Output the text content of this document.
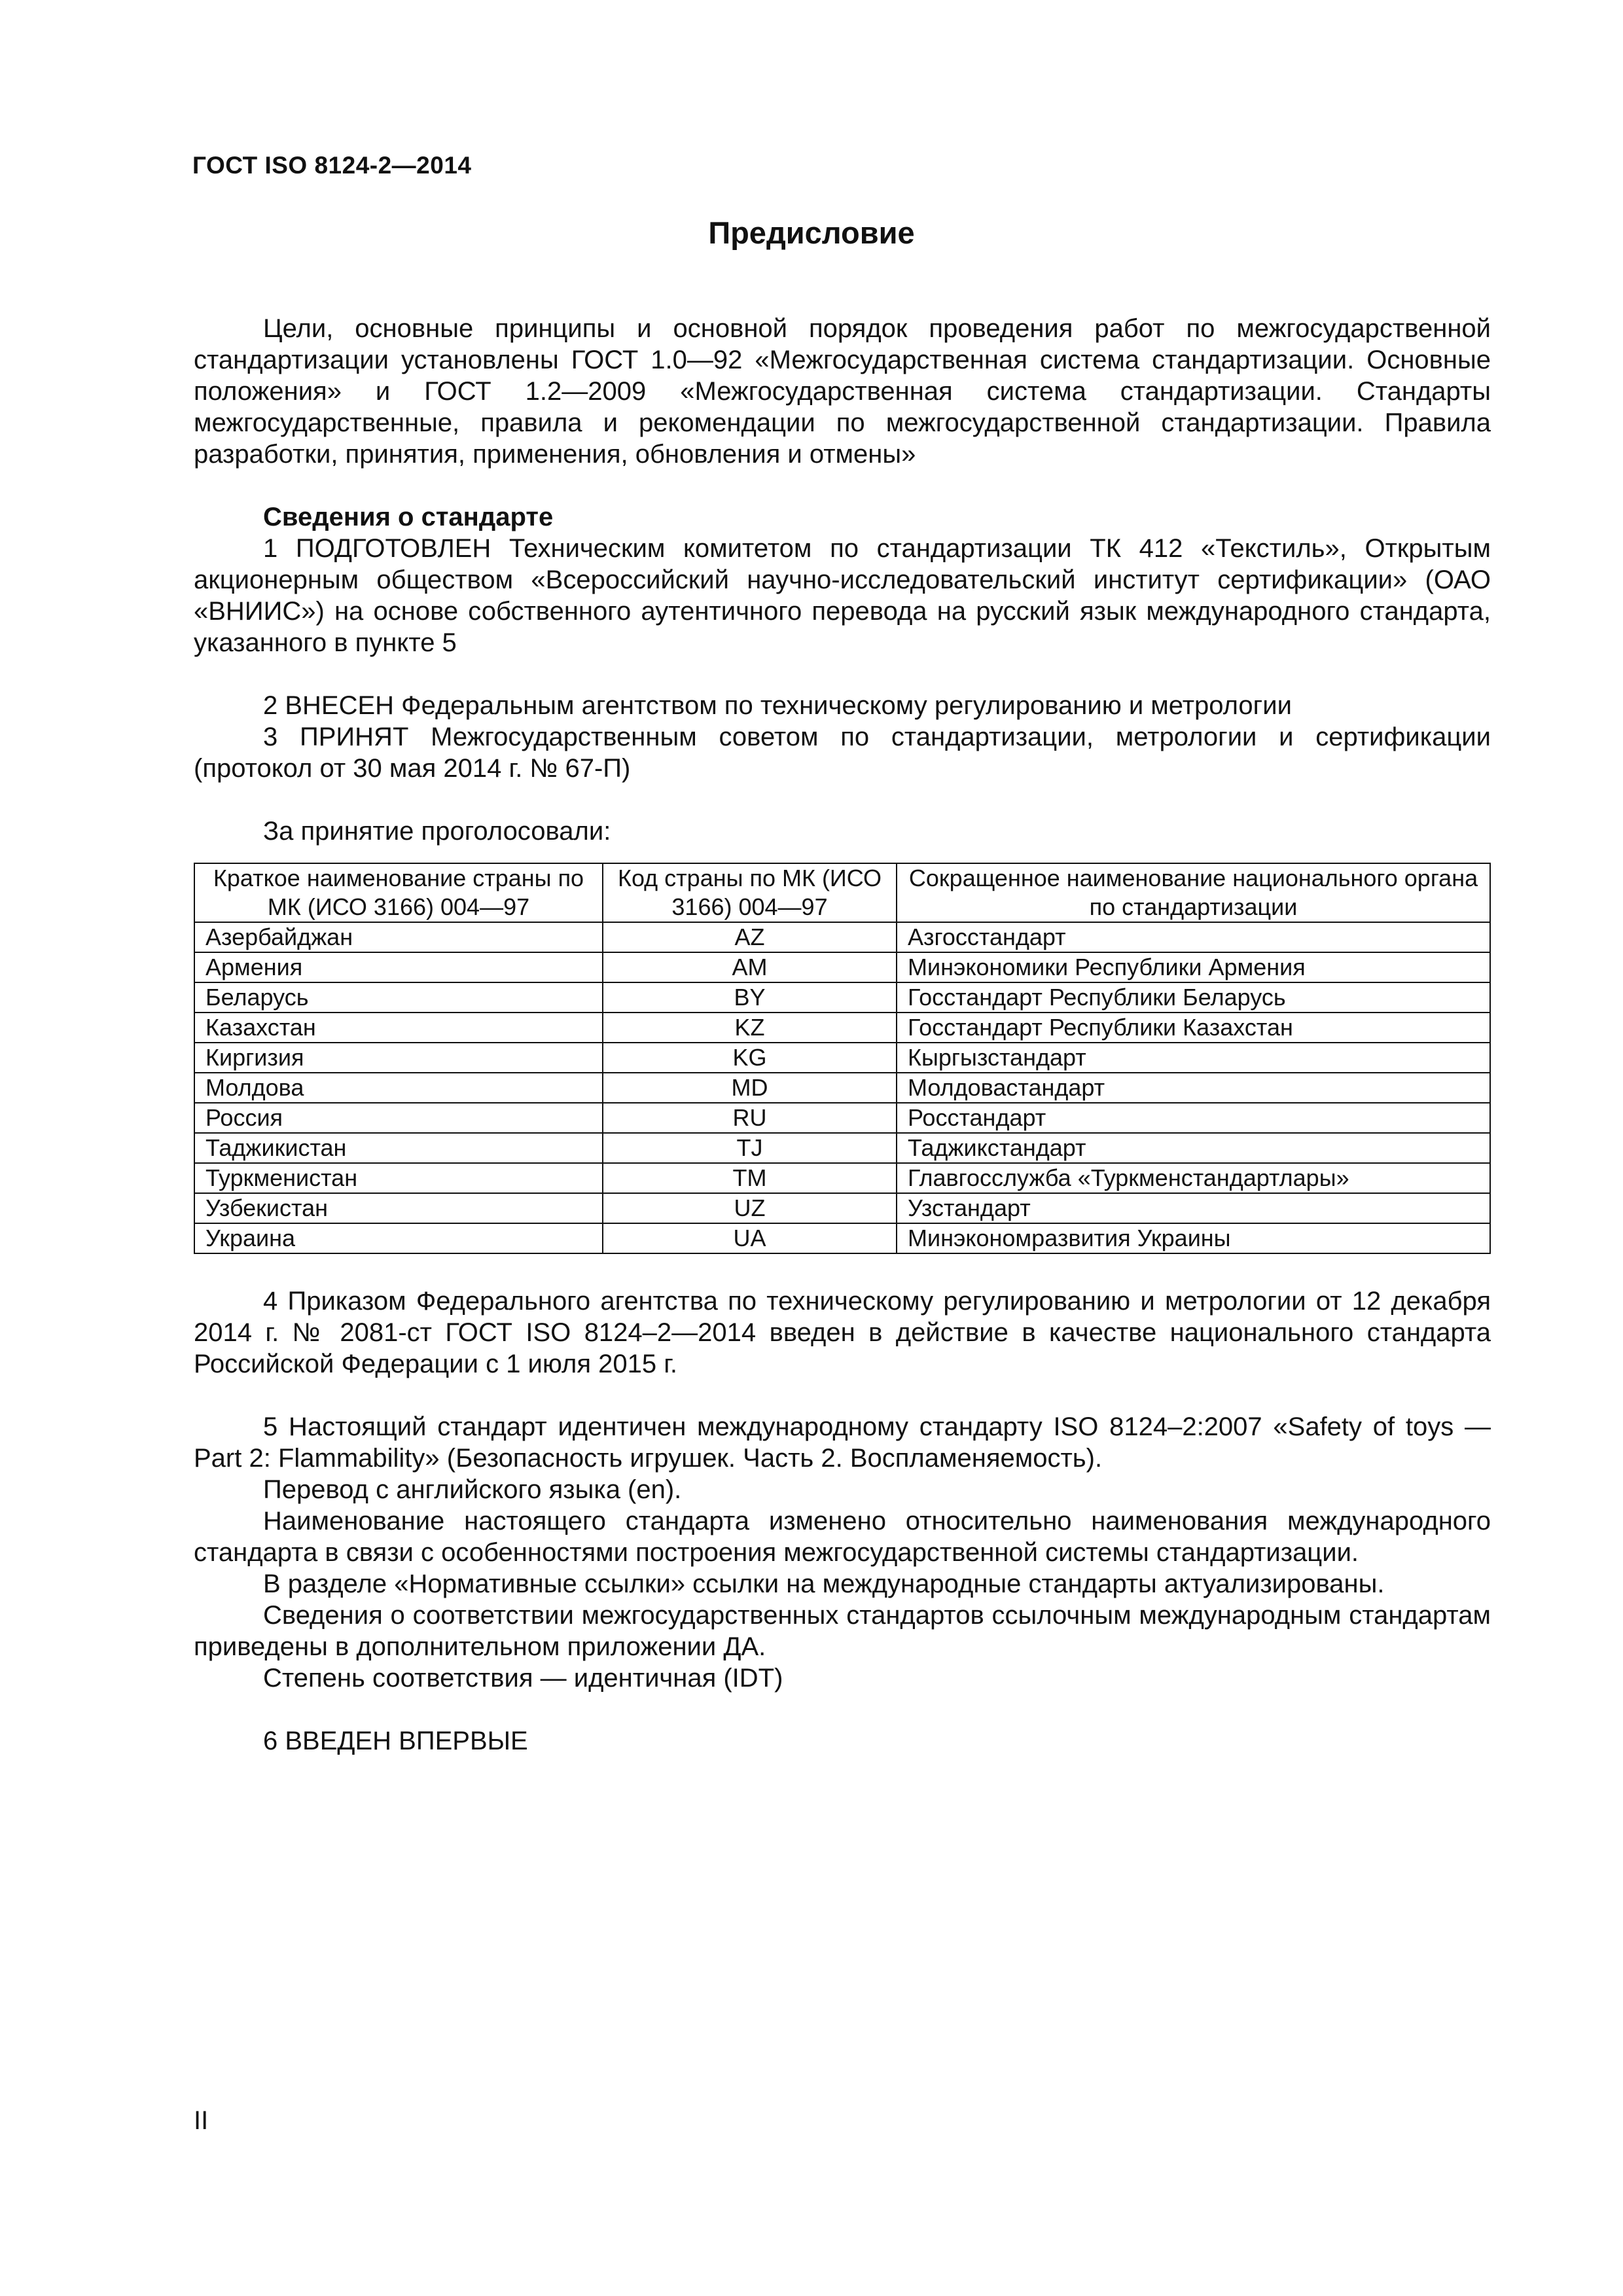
ГОСТ ISO 8124-2—2014
Предисловие

Цели, основные принципы и основной порядок проведения работ по межгосударственной стандартизации установлены ГОСТ 1.0—92 «Межгосударственная система стандартизации. Основные положения» и ГОСТ 1.2—2009 «Межгосударственная система стандартизации. Стандарты межгосударственные, правила и рекомендации по межгосударственной стандартизации. Правила разработки, принятия, применения, обновления и отмены»

Сведения о стандарте

1 ПОДГОТОВЛЕН Техническим комитетом по стандартизации ТК 412 «Текстиль», Открытым акционерным обществом «Всероссийский научно-исследовательский институт сертификации» (ОАО «ВНИИС») на основе собственного аутентичного перевода на русский язык международного стандарта, указанного в пункте 5

2 ВНЕСЕН Федеральным агентством по техническому регулированию и метрологии

3 ПРИНЯТ Межгосударственным советом по стандартизации, метрологии и сертификации (протокол от 30 мая 2014 г. № 67-П)

За принятие проголосовали:

Краткое наименование страны по МК (ИСО 3166) 004—97	Код страны по МК (ИСО 3166) 004—97	Сокращенное наименование национального органа по стандартизации
Азербайджан	AZ	Азгосстандарт
Армения	AM	Минэкономики Республики Армения
Беларусь	BY	Госстандарт Республики Беларусь
Казахстан	KZ	Госстандарт Республики Казахстан
Киргизия	KG	Кыргызстандарт
Молдова	MD	Молдовастандарт
Россия	RU	Росстандарт
Таджикистан	TJ	Таджикстандарт
Туркменистан	TM	Главгосслужба «Туркменстандартлары»
Узбекистан	UZ	Узстандарт
Украина	UA	Минэкономразвития Украины

4 Приказом Федерального агентства по техническому регулированию и метрологии от 12 декабря 2014 г. № 2081-ст ГОСТ ISO 8124–2—2014 введен в действие в качестве национального стандарта Российской Федерации с 1 июля 2015 г.

5 Настоящий стандарт идентичен международному стандарту ISO 8124–2:2007 «Safety of toys — Part 2: Flammability» (Безопасность игрушек. Часть 2. Воспламеняемость).

Перевод с английского языка (en).

Наименование настоящего стандарта изменено относительно наименования международного стандарта в связи с особенностями построения межгосударственной системы стандартизации.

В разделе «Нормативные ссылки» ссылки на международные стандарты актуализированы.

Сведения о соответствии межгосударственных стандартов ссылочным международным стандартам приведены в дополнительном приложении ДА.

Степень соответствия — идентичная (IDT)

6 ВВЕДЕН ВПЕРВЫЕ

II
